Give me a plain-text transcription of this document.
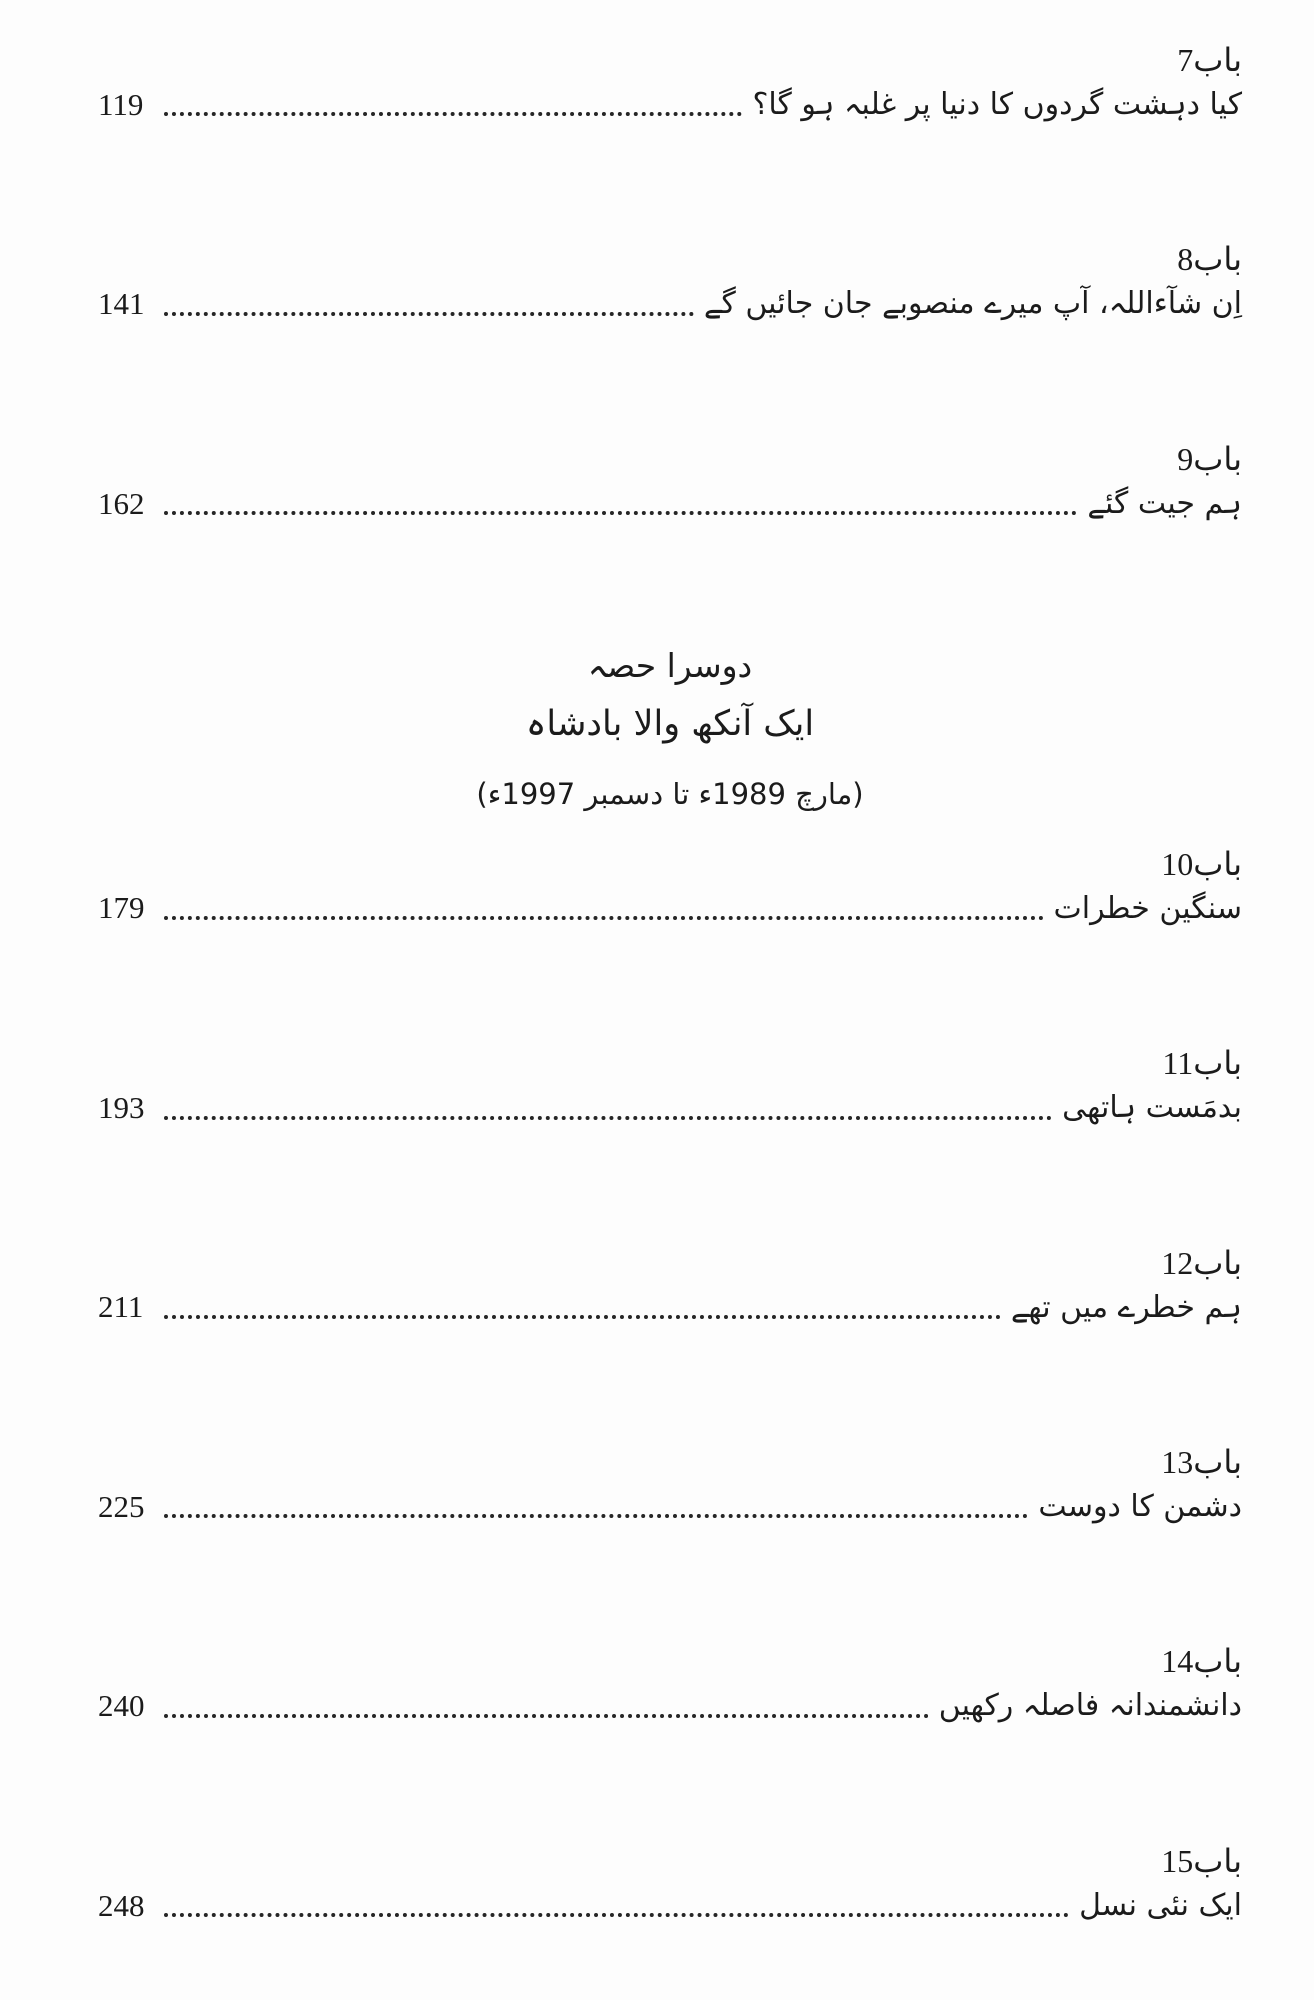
باب7
کیا دہشت گردوں کا دنیا پر غلبہ ہو گا؟
119
باب8
اِن شآءاللہ، آپ میرے منصوبے جان جائیں گے
141
باب9
ہم جیت گئے
162
دوسرا حصہ
ایک آنکھ والا بادشاہ
(مارچ 1989ء تا دسمبر 1997ء)
باب10
سنگین خطرات
179
باب11
بدمَست ہاتھی
193
باب12
ہم خطرے میں تھے
211
باب13
دشمن کا دوست
225
باب14
دانشمندانہ فاصلہ رکھیں
240
باب15
ایک نئی نسل
248
